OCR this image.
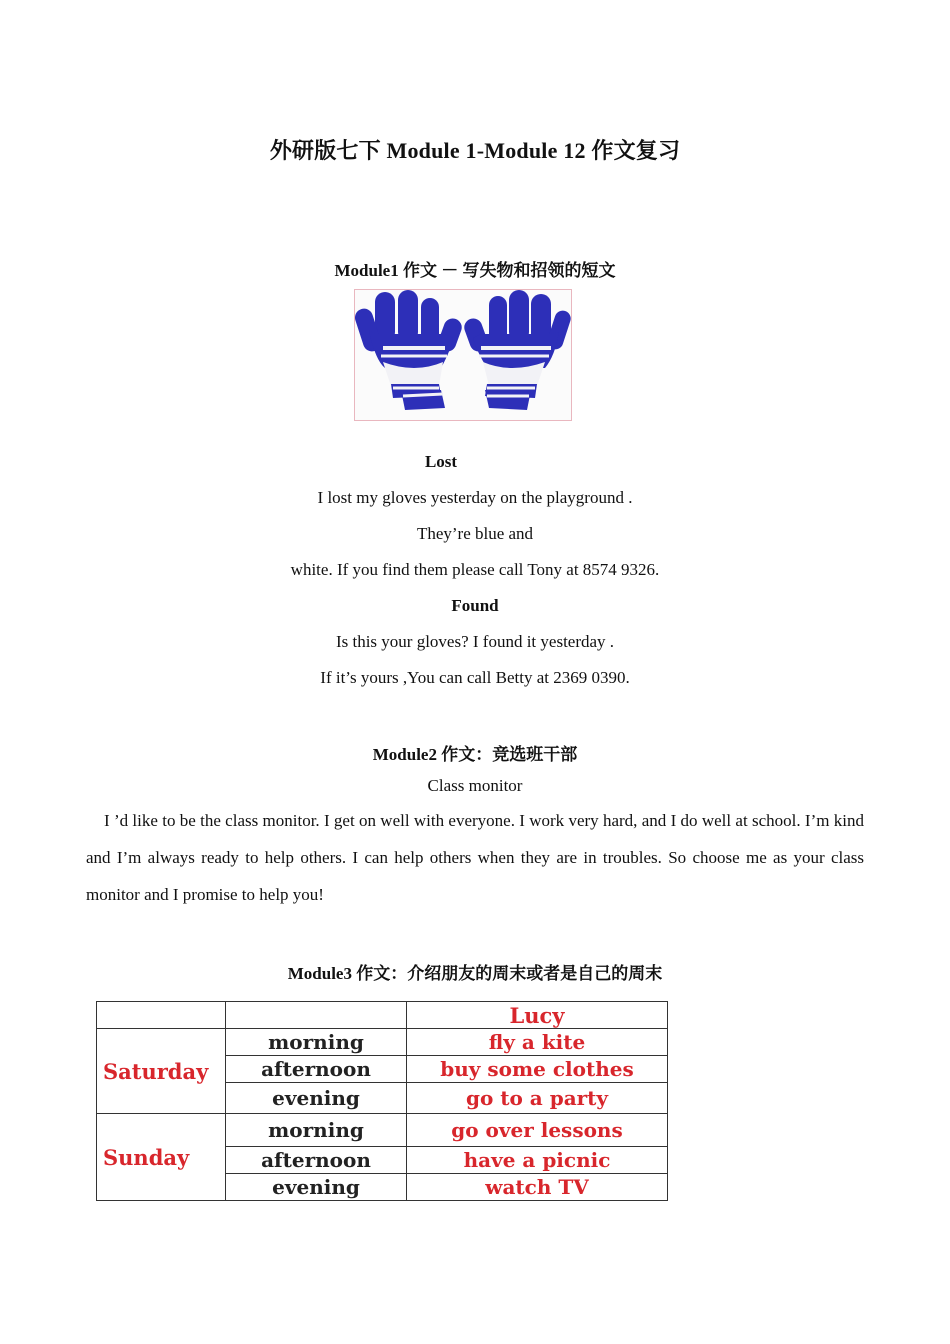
外研版七下 Module 1-Module 12 作文复习
Module1 作文 － 写失物和招领的短文
Lost
I lost my gloves yesterday on the playground .
They’re blue and
white. If you find them please call Tony at 8574 9326.
Found
Is this your gloves? I found it yesterday .
If it’s yours ,You can call Betty at 2369 0390.
Module2 作文：竞选班干部
Class monitor
I ’d like to be the class monitor. I get on well with everyone. I work very hard, and I do well at school. I’m kind and I’m always ready to help others. I can help others when they are in troubles. So choose me as your class monitor and I promise to help you!
Module3 作文：介绍朋友的周末或者是自己的周末
		Lucy
Saturday	morning	fly a kite
	afternoon	buy some clothes
	evening	go to a party
Sunday	morning	go over lessons
	afternoon	have a picnic
	evening	watch TV
